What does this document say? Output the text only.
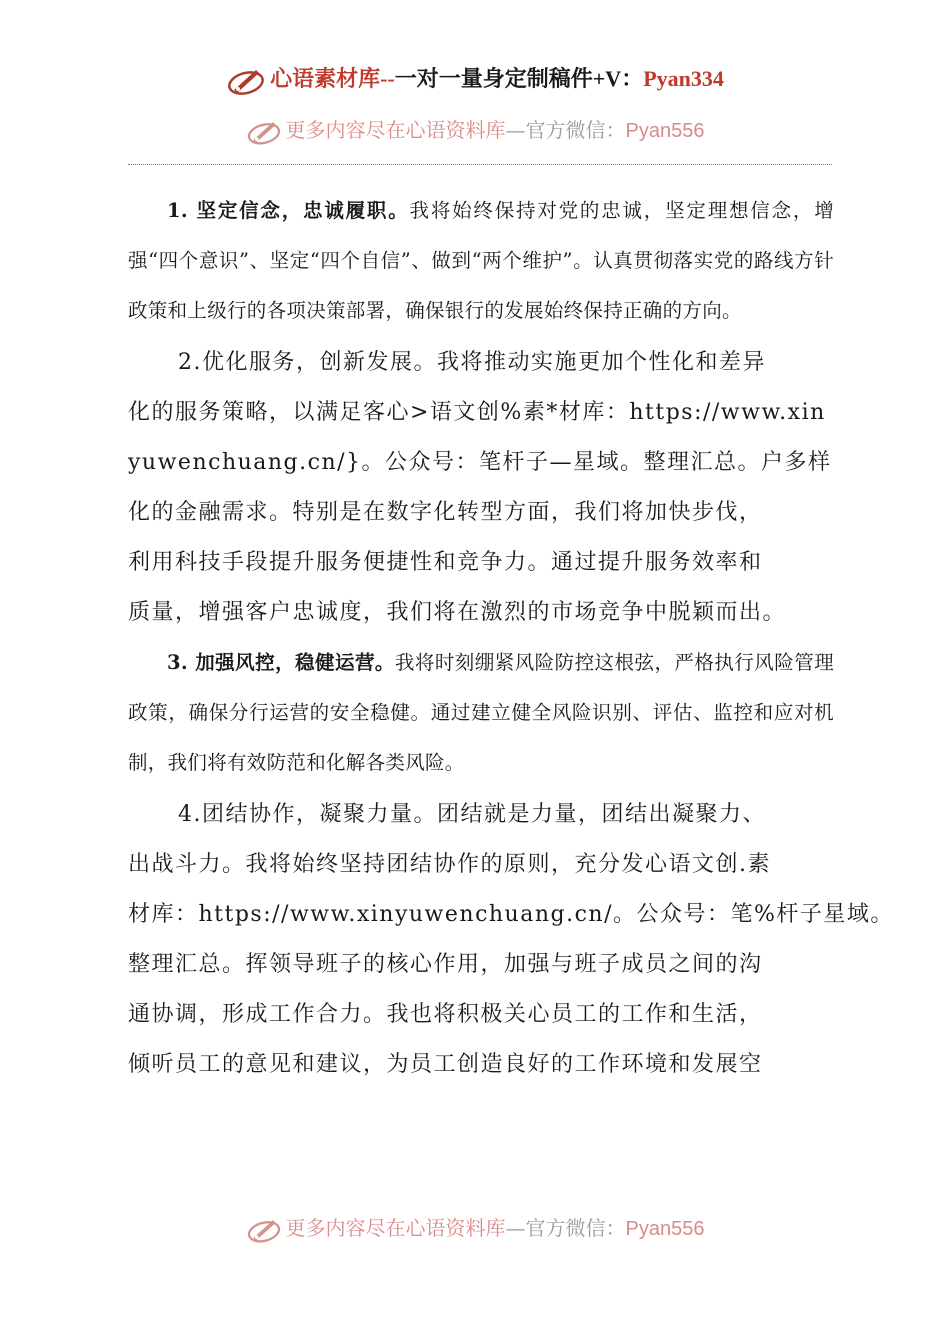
心语素材库--一对一量身定制稿件+V：Pyan334
更多内容尽在心语资料库—官方微信：Pyan556

1. 坚定信念，忠诚履职。我将始终保持对党的忠诚，坚定理想信念，增强“四个意识”、坚定“四个自信”、做到“两个维护”。认真贯彻落实党的路线方针政策和上级行的各项决策部署，确保银行的发展始终保持正确的方向。

2.优化服务，创新发展。我将推动实施更加个性化和差异
化的服务策略，以满足客心>语文创%素*材库：https://www.xin
yuwenchuang.cn/}。公众号：笔杆子—星域。整理汇总。户多样
化的金融需求。特别是在数字化转型方面，我们将加快步伐，
利用科技手段提升服务便捷性和竞争力。通过提升服务效率和
质量，增强客户忠诚度，我们将在激烈的市场竞争中脱颖而出。

3. 加强风控，稳健运营。我将时刻绷紧风险防控这根弦，严格执行风险管理政策，确保分行运营的安全稳健。通过建立健全风险识别、评估、监控和应对机制，我们将有效防范和化解各类风险。

4.团结协作，凝聚力量。团结就是力量，团结出凝聚力、
出战斗力。我将始终坚持团结协作的原则，充分发心语文创.素
材库：https://www.xinyuwenchuang.cn/。公众号：笔%杆子星域。
整理汇总。挥领导班子的核心作用，加强与班子成员之间的沟
通协调，形成工作合力。我也将积极关心员工的工作和生活，
倾听员工的意见和建议，为员工创造良好的工作环境和发展空
更多内容尽在心语资料库—官方微信：Pyan556
